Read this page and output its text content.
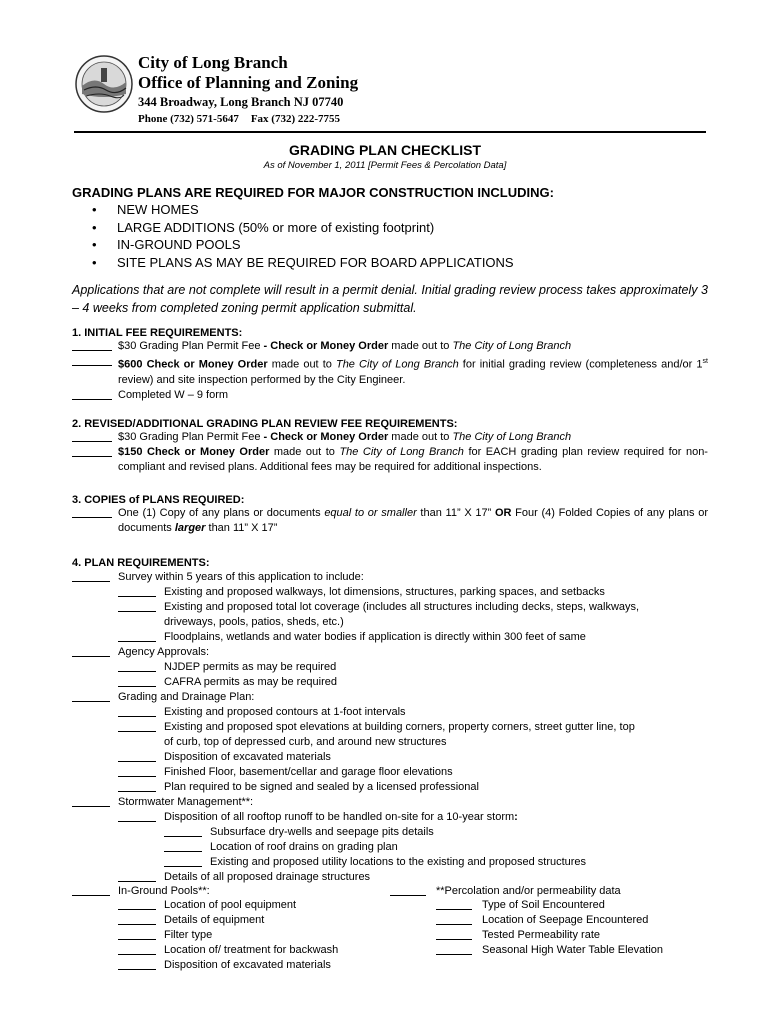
City of Long Branch
Office of Planning and Zoning
344 Broadway, Long Branch NJ 07740
Phone (732) 571-5647 Fax (732) 222-7755
GRADING PLAN CHECKLIST
As of November 1, 2011 [Permit Fees & Percolation Data]
GRADING PLANS ARE REQUIRED FOR MAJOR CONSTRUCTION INCLUDING:
• NEW HOMES
• LARGE ADDITIONS (50% or more of existing footprint)
• IN-GROUND POOLS
• SITE PLANS AS MAY BE REQUIRED FOR BOARD APPLICATIONS
Applications that are not complete will result in a permit denial. Initial grading review process takes approximately 3 – 4 weeks from completed zoning permit application submittal.
1. INITIAL FEE REQUIREMENTS:
$30 Grading Plan Permit Fee - Check or Money Order made out to The City of Long Branch
$600 Check or Money Order made out to The City of Long Branch for initial grading review (completeness and/or 1st review) and site inspection performed by the City Engineer.
Completed W – 9 form
2. REVISED/ADDITIONAL GRADING PLAN REVIEW FEE REQUIREMENTS:
$30 Grading Plan Permit Fee - Check or Money Order made out to The City of Long Branch
$150 Check or Money Order made out to The City of Long Branch for EACH grading plan review required for non-compliant and revised plans. Additional fees may be required for additional inspections.
3. COPIES of PLANS REQUIRED:
One (1) Copy of any plans or documents equal to or smaller than 11” X 17” OR Four (4) Folded Copies of any plans or documents larger than 11” X 17”
4. PLAN REQUIREMENTS:
Survey within 5 years of this application to include:
Existing and proposed walkways, lot dimensions, structures, parking spaces, and setbacks
Existing and proposed total lot coverage (includes all structures including decks, steps, walkways,
driveways, pools, patios, sheds, etc.)
Floodplains, wetlands and water bodies if application is directly within 300 feet of same
Agency Approvals:
NJDEP permits as may be required
CAFRA permits as may be required
Grading and Drainage Plan:
Existing and proposed contours at 1-foot intervals
Existing and proposed spot elevations at building corners, property corners, street gutter line, top
of curb, top of depressed curb, and around new structures
Disposition of excavated materials
Finished Floor, basement/cellar and garage floor elevations
Plan required to be signed and sealed by a licensed professional
Stormwater Management**:
Disposition of all rooftop runoff to be handled on-site for a 10-year storm:
Subsurface dry-wells and seepage pits details
Location of roof drains on grading plan
Existing and proposed utility locations to the existing and proposed structures
Details of all proposed drainage structures
In-Ground Pools**:
Location of pool equipment
Details of equipment
Filter type
Location of/ treatment for backwash
Disposition of excavated materials
**Percolation and/or permeability data
Type of Soil Encountered
Location of Seepage Encountered
Tested Permeability rate
Seasonal High Water Table Elevation
